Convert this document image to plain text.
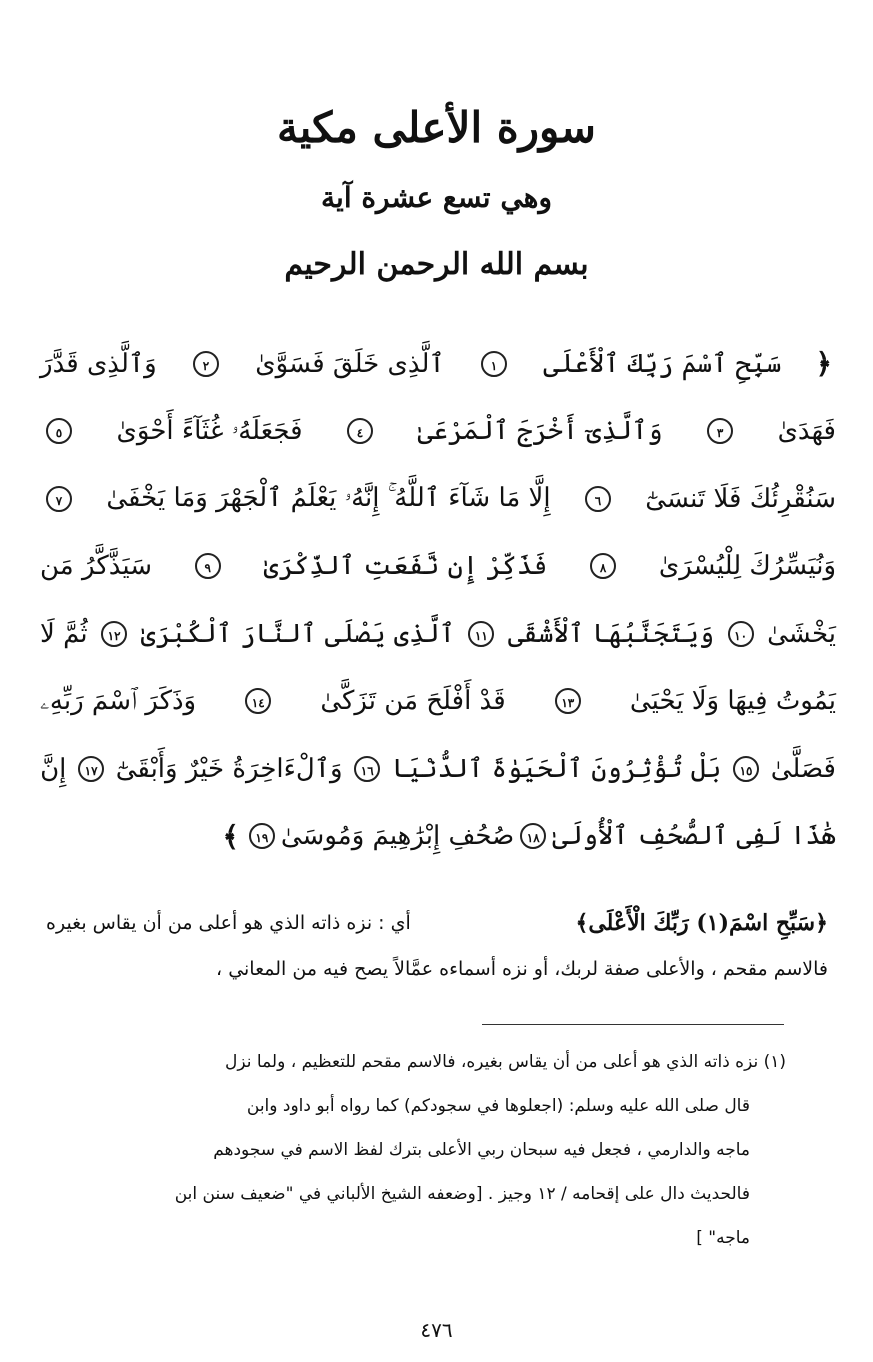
سورة الأعلى مكية
وهي تسع عشرة آية
بسم الله الرحمن الرحيم
﴿
سَبِّحِ ٱسْمَ رَبِّكَ ٱلْأَعْلَى
١
ٱلَّذِى خَلَقَ فَسَوَّىٰ
٢
وَٱلَّذِى قَدَّرَ
فَهَدَىٰ
٣
وَٱلَّذِىٓ أَخْرَجَ ٱلْمَرْعَىٰ
٤
فَجَعَلَهُۥ غُثَآءً أَحْوَىٰ
٥
سَنُقْرِئُكَ فَلَا تَنسَىٰٓ
٦
إِلَّا مَا شَآءَ ٱللَّهُ ۚ إِنَّهُۥ يَعْلَمُ ٱلْجَهْرَ وَمَا يَخْفَىٰ
٧
وَنُيَسِّرُكَ لِلْيُسْرَىٰ
٨
فَذَكِّرْ إِن نَّفَعَتِ ٱلذِّكْرَىٰ
٩
سَيَذَّكَّرُ مَن
يَخْشَىٰ
١٠
وَيَتَجَنَّبُهَا ٱلْأَشْقَى
١١
ٱلَّذِى يَصْلَى ٱلنَّارَ ٱلْكُبْرَىٰ
١٢
ثُمَّ لَا
يَمُوتُ فِيهَا وَلَا يَحْيَىٰ
١٣
قَدْ أَفْلَحَ مَن تَزَكَّىٰ
١٤
وَذَكَرَ ٱسْمَ رَبِّهِۦ
فَصَلَّىٰ
١٥
بَلْ تُؤْثِرُونَ ٱلْحَيَوٰةَ ٱلدُّنْيَا
١٦
وَٱلْءَاخِرَةُ خَيْرٌ وَأَبْقَىٰٓ
١٧
إِنَّ
هَٰذَا لَفِى ٱلصُّحُفِ ٱلْأُولَىٰ
١٨
صُحُفِ إِبْرَٰهِيمَ وَمُوسَىٰ
١٩
﴾
﴿سَبِّحِ اسْمَ(١) رَبِّكَ الْأَعْلَى﴾
أي : نزه ذاته الذي هو أعلى من أن يقاس بغيره
فالاسم مقحم ، والأعلى صفة لربك، أو نزه أسماءه عمَّالاً يصح فيه من المعاني ،
(١) نزه ذاته الذي هو أعلى من أن يقاس بغيره، فالاسم مقحم للتعظيم ، ولما نزل
قال صلى الله عليه وسلم: (اجعلوها في سجودكم) كما رواه أبو داود وابن
ماجه والدارمي ، فجعل فيه سبحان ربي الأعلى بترك لفظ الاسم في سجودهم
فالحديث دال على إقحامه / ١٢ وجيز . [وضعفه الشيخ الألباني في "ضعيف سنن ابن
ماجه" ]
٤٧٦
